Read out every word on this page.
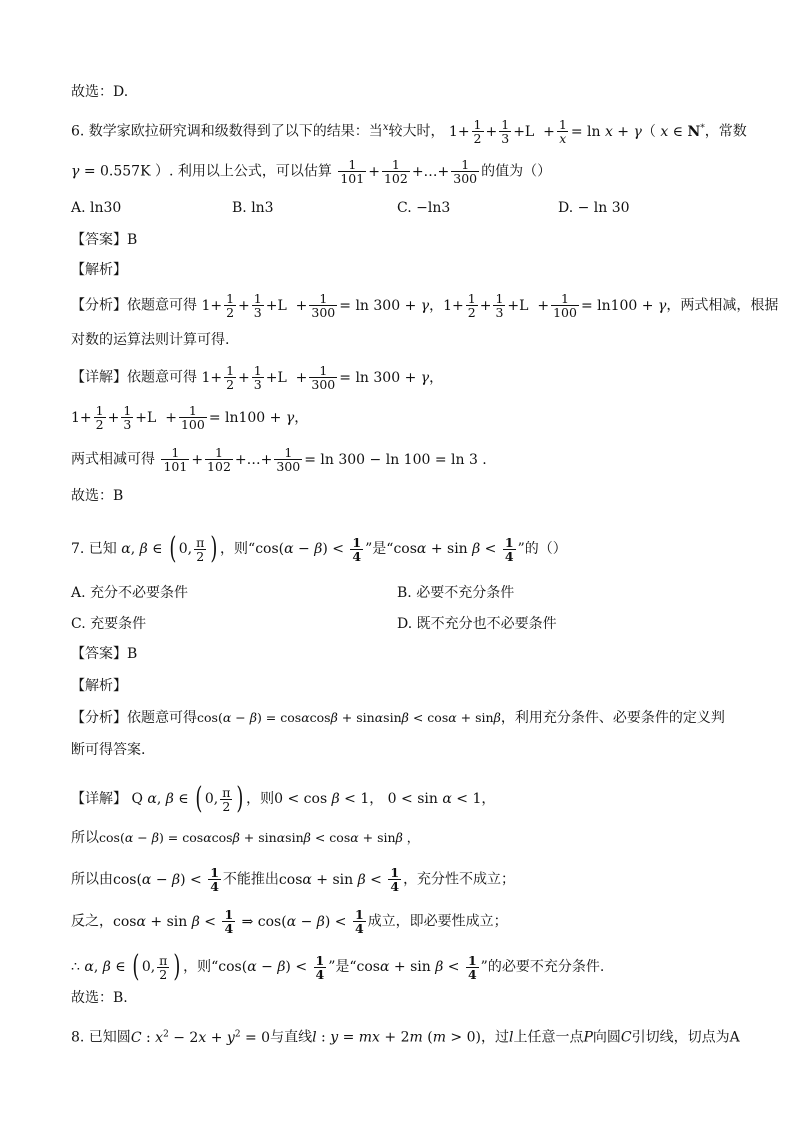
故选：D.
6. 数学家欧拉研究调和级数得到了以下的结果：当$^x$较大时， $1+ \frac{1}{2} + \frac{1}{3} +L + \frac{1}{x} = \ln x + \gamma$（ x ∈ N*，常数
γ = 0.557K ）. 利用以上公式，可以估算 $\frac{1}{101} + \frac{1}{102}$ +…+ $\frac{1}{300}$ 的值为（）
A. ln30	B. ln3	C. −ln3	D. − ln 30
【答案】B
【解析】
【分析】依题意可得 $1+ \frac{1}{2} + \frac{1}{3} +L + \frac{1}{300} = \ln 300 + \gamma$，$1+ \frac{1}{2} + \frac{1}{3} +L + \frac{1}{100} = \ln 100 + \gamma$，两式相减，根据
对数的运算法则计算可得.
【详解】依题意可得 $1+ \frac{1}{2} + \frac{1}{3} +L + \frac{1}{300} = \ln 300 + \gamma$，
$1+ \frac{1}{2} + \frac{1}{3} +L + \frac{1}{100} = \ln 100 + \gamma$，
两式相减可得 $\frac{1}{101} + \frac{1}{102}$ +…+ $\frac{1}{300} = \ln 300 - \ln 100 = \ln 3$ .
故选：B
7. 已知 α, β ∈ ( 0, $\frac{\pi}{2}$ ) ，则“$\cos(\alpha - \beta) < \frac{1}{4}$ ”是“$\cos\alpha + \sin \beta < \frac{1}{4}$ ”的（）
A. 充分不必要条件	B. 必要不充分条件
C. 充要条件	D. 既不充分也不必要条件
【答案】B
【解析】
【分析】依题意可得cos(α − β) = cosαcosβ + sinαsinβ < cosα + sinβ，利用充分条件、必要条件的定义判
断可得答案.
【详解】 Q α, β ∈ ( 0, $\frac{\pi}{2}$ ) ，则0 < cos β < 1， 0 < sin α < 1，
所以cos(α − β) = cosαcosβ + sinαsinβ < cosα + sinβ ，
所以由$\cos(\alpha - \beta) < \frac{1}{4}$ 不能推出$\cos\alpha + \sin \beta < \frac{1}{4}$ ，充分性不成立；
反之，$\cos\alpha + \sin \beta < \frac{1}{4}$ ⇒ $\cos(\alpha - \beta) < \frac{1}{4}$ 成立，即必要性成立；
∴ α, β ∈ ( 0, $\frac{\pi}{2}$ ) ，则“$\cos(\alpha - \beta) < \frac{1}{4}$ ”是“$\cos\alpha + \sin \beta < \frac{1}{4}$ ”的必要不充分条件.
故选：B.
8. 已知圆C : $x^2 - 2x + y^2 = 0$与直线l : y = mx + 2m (m > 0)，过l上任意一点P向圆C引切线，切点为A
